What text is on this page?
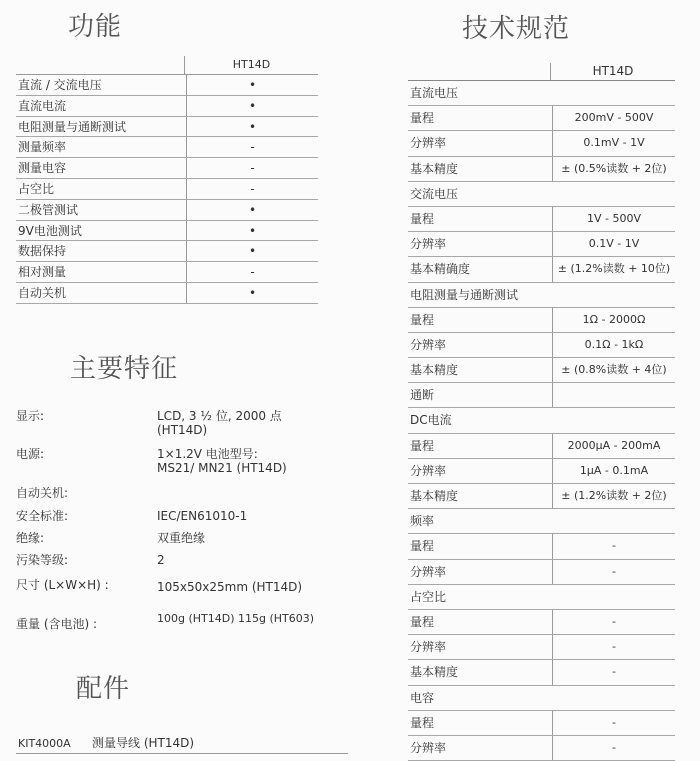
功能	技术规范
主要特征
配件
HT14D
直流 / 交流电压	•
直流电流	•
电阻测量与通断测试	•
测量频率	-
测量电容	-
占空比	-
二极管测试	•
9V电池测试	•
数据保持	•
相对测量	-
自动关机	•

显示:	LCD, 3 ½ 位, 2000 点 (HT14D)

电源:	1×1.2V 电池型号: MS21/ MN21 (HT14D)

自动关机:

安全标准:	IEC/EN61010-1

绝缘:	双重绝缘

污染等级:	2

尺寸 (L×W×H) :	105x50x25mm (HT14D)

重量 (含电池) :	100g (HT14D) 115g (HT603)

KIT4000A 测量导线 (HT14D)
HT14D
直流电压
量程	200mV - 500V
分辨率	0.1mV - 1V
基本精度	± (0.5%读数 + 2位)
交流电压
量程	1V - 500V
分辨率	0.1V - 1V
基本精确度	± (1.2%读数 + 10位)
电阻测量与通断测试
量程	1Ω - 2000Ω
分辨率	0.1Ω - 1kΩ
基本精度	± (0.8%读数 + 4位)
通断
DC电流
量程	2000µA - 200mA
分辨率	1µA - 0.1mA
基本精度	± (1.2%读数 + 2位)
频率
量程	-
分辨率	-
占空比
量程	-
分辨率	-
基本精度	-
电容
量程	-
分辨率	-
